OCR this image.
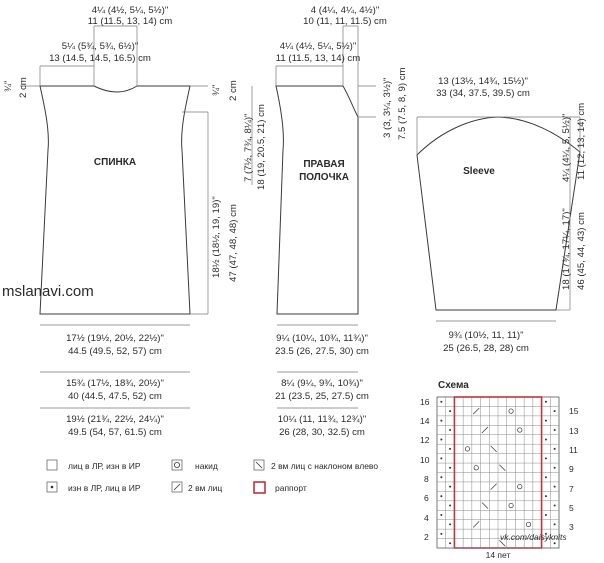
СПИНКА
4¼ (4½, 5¼, 5½)"
11 (11.5, 13, 14) cm
5¼ (5¾, 5¾, 6½)"
13 (14.5, 14.5, 16.5) cm
¾" 2 cm	¾" 2 cm
18½ (18½, 19, 19)" 47 (47, 48, 48) cm
17½ (19½, 20½, 22½)"
44.5 (49.5, 52, 57) cm
15¾ (17½, 18¾, 20½)"
40 (44.5, 47.5, 52) cm
19½ (21¾, 22½, 24¼)"
49.5 (54, 57, 61.5) cm
7 (7½, 7¾, 8¼)" 18 (19, 20.5, 21) cm
mslanavi.com
ПРАВАЯ
ПОЛОЧКА
4 (4¼, 4¼, 4½)"
10 (11, 11, 11.5) cm
4¼ (4½, 5¼, 5½)"
11 (11.5, 13, 14) cm
3 (3, 3¼, 3½)" 7.5 (7.5, 8, 9) cm
9¼ (10¼, 10¾, 11¾)"
23.5 (26, 27.5, 30) cm
8¼ (9¼, 9¾, 10¾)"
21 (23.5, 25, 27.5) cm
10¼ (11, 11¾, 12¾)"
26 (28, 30, 32.5) cm
Sleeve
13 (13½, 14¾, 15½)"
33 (34, 37.5, 39.5) cm
4¼ (4¼, 5, 5½)" 11 (12, 13, 14) cm
18 (17¾, 17¼, 17)" 46 (45, 44, 43) cm
9¾ (10½, 11, 11)"
25 (26.5, 28, 28) cm
лиц в ЛР, изн в ИР
изн в ЛР, лиц в ИР
накид
2 вм лиц
2 вм лиц с наклоном влево
раппорт
Схема
16
14
12
10
8
6
4
2
15
13
11
9
7
5
3
vk.com/daisyknits
14 пет
